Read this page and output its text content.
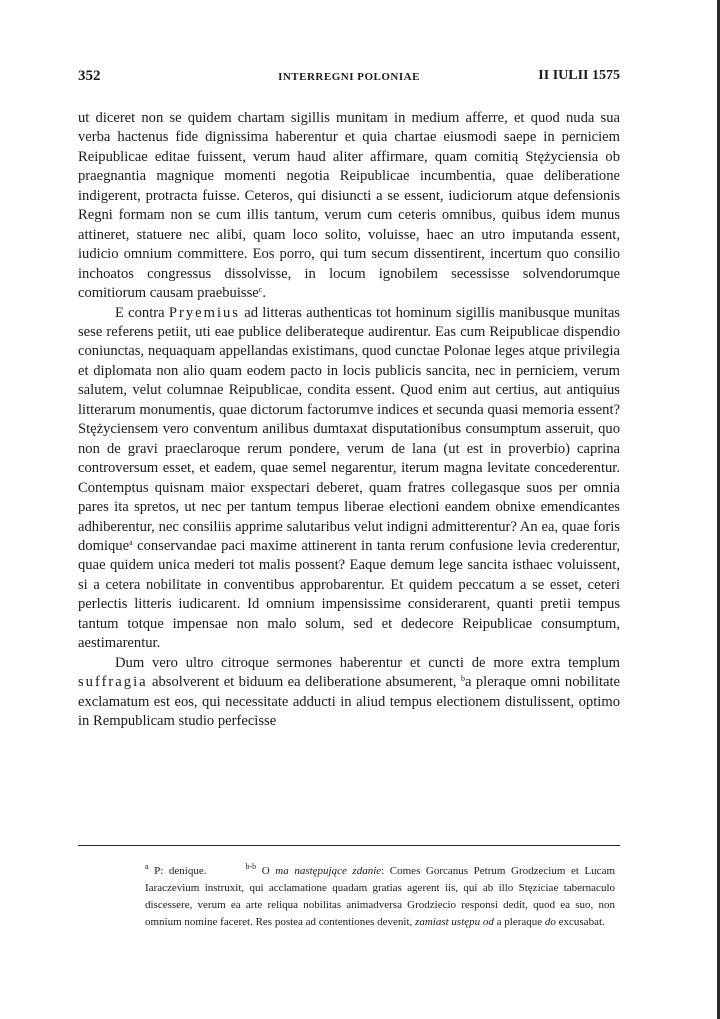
352	INTERREGNI POLONIAE	II IULII 1575

ut diceret non se quidem chartam sigillis munitam in medium afferre, et quod nuda sua verba hactenus fide dignissima haberentur et quia chartae eiusmodi saepe in perniciem Reipublicae editae fuissent, verum haud aliter affirmare, quam comitią Stężyciensia ob praegnantia magnique momenti negotia Reipublicae incumbentia, quae deliberatione indigerent, protracta fuisse. Ceteros, qui disiuncti a se essent, iudiciorum atque defensionis Regni formam non se cum illis tantum, verum cum ceteris omnibus, quibus idem munus attineret, statuere nec alibi, quam loco solito, voluisse, haec an utro imputanda essent, iudicio omnium committere. Eos porro, qui tum secum dissentirent, incertum quo consilio inchoatos congressus dissolvisse, in locum ignobilem secessisse solvendorumque comitiorum causam praebuisse$^c$.

E contra Pryemius ad litteras authenticas tot hominum sigillis manibusque munitas sese referens petiit, uti eae publice deliberateque audirentur. Eas cum Reipublicae dispendio coniunctas, nequaquam appellandas existimans, quod cunctae Polonae leges atque privilegia et diplomata non alio quam eodem pacto in locis publicis sancita, nec in perniciem, verum salutem, velut columnae Reipublicae, condita essent. Quod enim aut certius, aut antiquius litterarum monumentis, quae dictorum factorumve indices et secunda quasi memoria essent? Stężyciensem vero conventum anilibus dumtaxat disputationibus consumptum asseruit, quo non de gravi praeclaroque rerum pondere, verum de lana (ut est in proverbio) caprina controversum esset, et eadem, quae semel negarentur, iterum magna levitate concederentur. Contemptus quisnam maior exspectari deberet, quam fratres collegasque suos per omnia pares ita spretos, ut nec per tantum tempus liberae electioni eandem obnixe emendicantes adhiberentur, nec consiliis apprime salutaribus velut indigni admitterentur? An ea, quae foris domique$^a$ conservandae paci maxime attinerent in tanta rerum confusione levia crederentur, quae quidem unica mederi tot malis possent? Eaque demum lege sancita isthaec voluissent, si a cetera nobilitate in conventibus approbarentur. Et quidem peccatum a se esset, ceteri perlectis litteris iudicarent. Id omnium impensissime considerarent, quanti pretii tempus tantum totque impensae non malo solum, sed et dedecore Reipublicae consumptum, aestimarentur.

Dum vero ultro citroque sermones haberentur et cuncti de more extra templum suffragia absolverent et biduum ea deliberatione absumerent, $^b$a pleraque omni nobilitate exclamatum est eos, qui necessitate adducti in aliud tempus electionem distulissent, optimo in Rempublicam studio perfecisse

$^a$ P: denique.	$^{b-b}$ O ma następujące zdanie: Comes Gorcanus Petrum Grodzecium et Lucam Iaraczevium instruxit, qui acclamatione quadam gratias agerent iis, qui ab illo Stęziciae tabernaculo discessere, verum ea arte reliqua nobilitas animadversa Grodziecio responsi dedit, quod ea suo, non omnium nomine faceret. Res postea ad contentiones devenit, zamiast ustępu od a pleraque do excusabat.
